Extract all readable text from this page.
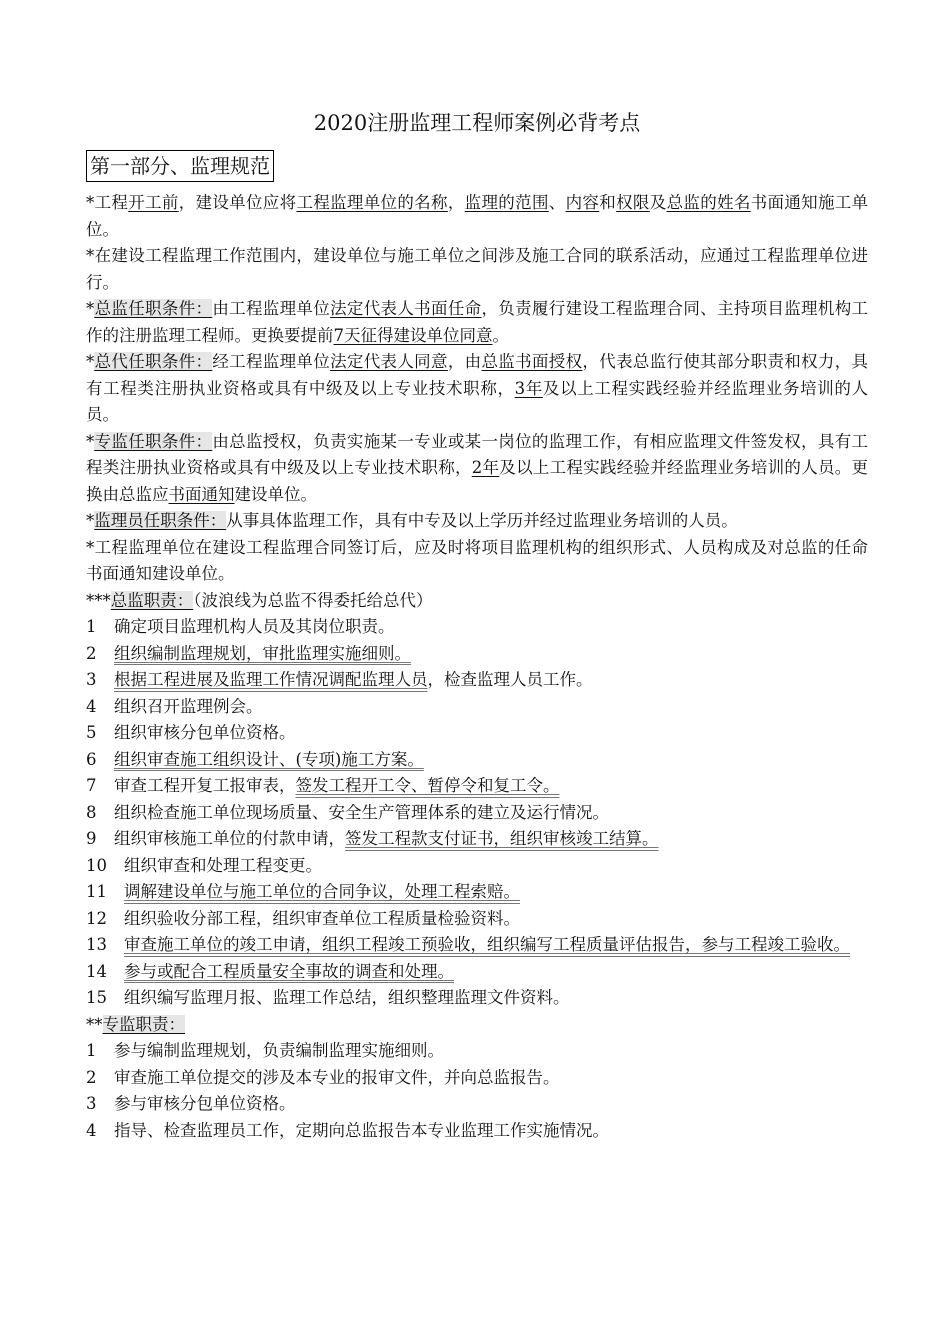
2020注册监理工程师案例必背考点
第一部分、监理规范

*工程开工前，建设单位应将工程监理单位的名称，监理的范围、内容和权限及总监的姓名书面通知施工单位。

*在建设工程监理工作范围内，建设单位与施工单位之间涉及施工合同的联系活动，应通过工程监理单位进行。

*总监任职条件：由工程监理单位法定代表人书面任命，负责履行建设工程监理合同、主持项目监理机构工作的注册监理工程师。更换要提前7天征得建设单位同意。

*总代任职条件：经工程监理单位法定代表人同意，由总监书面授权，代表总监行使其部分职责和权力，具有工程类注册执业资格或具有中级及以上专业技术职称，3年及以上工程实践经验并经监理业务培训的人员。

*专监任职条件：由总监授权，负责实施某一专业或某一岗位的监理工作，有相应监理文件签发权，具有工程类注册执业资格或具有中级及以上专业技术职称，2年及以上工程实践经验并经监理业务培训的人员。更换由总监应书面通知建设单位。

*监理员任职条件：从事具体监理工作，具有中专及以上学历并经过监理业务培训的人员。

*工程监理单位在建设工程监理合同签订后，应及时将项目监理机构的组织形式、人员构成及对总监的任命书面通知建设单位。

***总监职责：（波浪线为总监不得委托给总代）

1 确定项目监理机构人员及其岗位职责。

2 组织编制监理规划，审批监理实施细则。

3 根据工程进展及监理工作情况调配监理人员，检查监理人员工作。

4 组织召开监理例会。

5 组织审核分包单位资格。

6 组织审查施工组织设计、(专项)施工方案。

7 审查工程开复工报审表，签发工程开工令、暂停令和复工令。

8 组织检查施工单位现场质量、安全生产管理体系的建立及运行情况。

9 组织审核施工单位的付款申请，签发工程款支付证书，组织审核竣工结算。

10 组织审查和处理工程变更。

11 调解建设单位与施工单位的合同争议，处理工程索赔。

12 组织验收分部工程，组织审查单位工程质量检验资料。

13 审查施工单位的竣工申请，组织工程竣工预验收，组织编写工程质量评估报告，参与工程竣工验收。

14 参与或配合工程质量安全事故的调查和处理。

15 组织编写监理月报、监理工作总结，组织整理监理文件资料。

**专监职责：

1 参与编制监理规划，负责编制监理实施细则。

2 审查施工单位提交的涉及本专业的报审文件，并向总监报告。

3 参与审核分包单位资格。

4 指导、检查监理员工作，定期向总监报告本专业监理工作实施情况。
